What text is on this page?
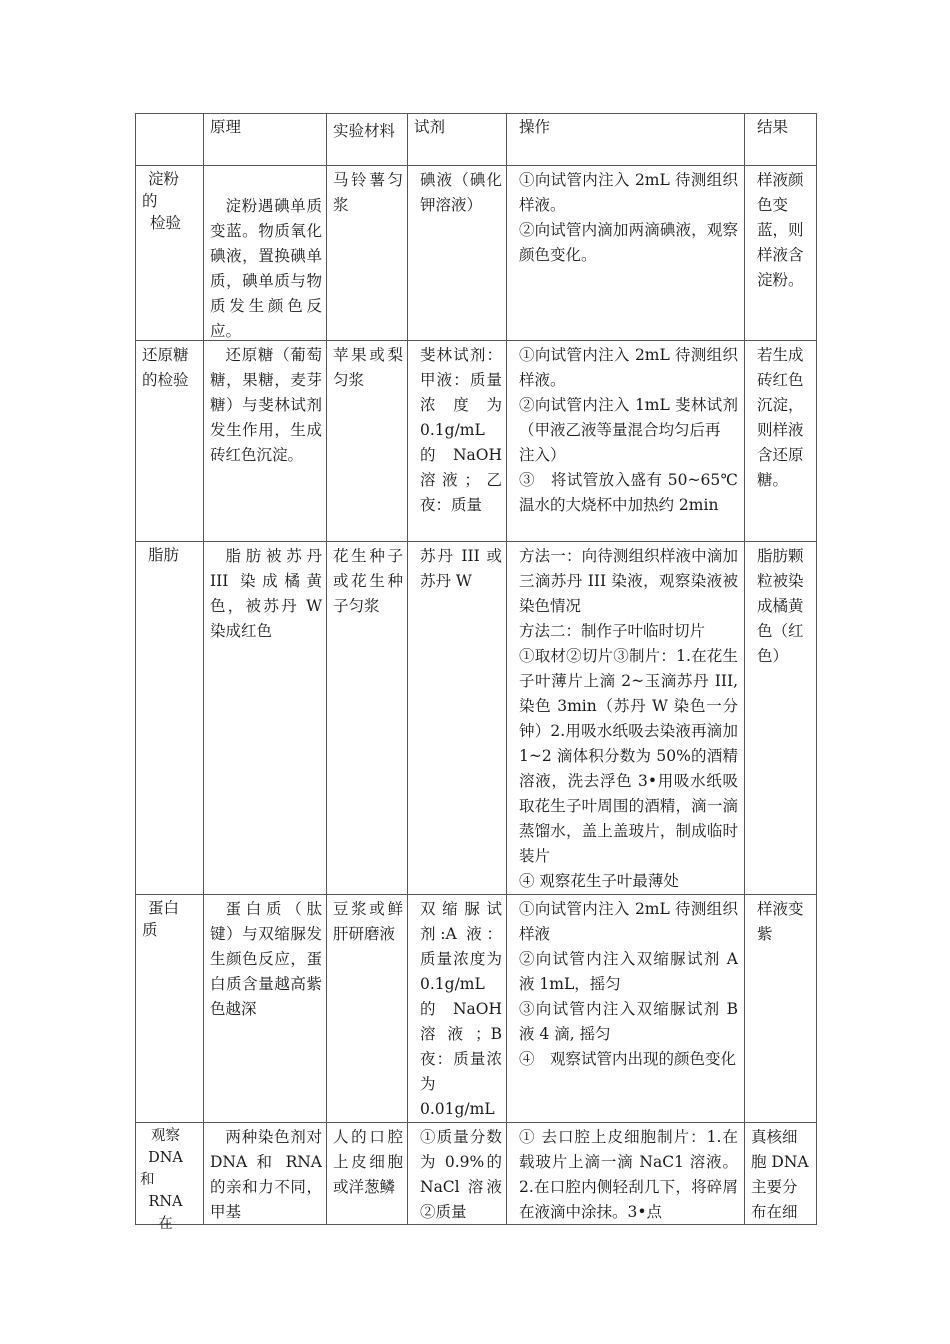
	原理	实验材料	试剂	操作	结果

淀粉
的
检验	淀粉遇碘单质变蓝。物质氧化碘液，置换碘单质，碘单质与物质发生颜色反应。	马铃薯匀浆	碘液（碘化钾溶液）	①向试管内注入 2mL 待测组织样液。
②向试管内滴加两滴碘液，观察颜色变化。	样液颜色变蓝，则样液含淀粉。

还原糖
的检验	还原糖（葡萄糖，果糖，麦芽糖）与斐林试剂发生作用，生成砖红色沉淀。	苹果或梨匀浆	斐林试剂：甲液：质量浓度为0.1g/mL 的 NaOH 溶液；乙夜：质量	①向试管内注入 2mL 待测组织样液。
②向试管内注入 1mL 斐林试剂（甲液乙液等量混合均匀后再
注入）
③　将试管放入盛有 50~65℃ 温水的大烧杯中加热约 2min	若生成砖红色沉淀，则样液含还原糖。

脂肪	脂肪被苏丹 III 染成橘黄色，被苏丹 W 染成红色	花生种子或花生种子匀浆	苏丹 III 或苏丹 W	方法一：向待测组织样液中滴加三滴苏丹 III 染液，观察染液被染色情况
方法二：制作子叶临时切片
①取材②切片③制片：1.在花生子叶薄片上滴 2~玉滴苏丹 III,染色 3min（苏丹 W 染色一分钟）2.用吸水纸吸去染液再滴加 1~2 滴体积分数为 50%的酒精溶液，洗去浮色 3•用吸水纸吸取花生子叶周围的酒精，滴一滴蒸馏水，盖上盖玻片，制成临时装片
④ 观察花生子叶最薄处	脂肪颗粒被染成橘黄色（红色）

蛋白
质	蛋白质（肽键）与双缩脲发生颜色反应，蛋白质含量越高紫色越深	豆浆或鲜肝研磨液	双缩脲试剂:A 液：质量浓度为0.1g/mL 的 NaOH 溶液；B 夜：质量浓为0.01g/mL	①向试管内注入 2mL 待测组织样液
②向试管内注入双缩脲试剂 A 液 1mL，摇匀
③向试管内注入双缩脲试剂 B 液 4 滴, 摇匀
④　观察试管内出现的颜色变化	样液变紫

观察
DNA
和
RNA
在	两种染色剂对 DNA 和 RNA 的亲和力不同，甲基	人的口腔上皮细胞或洋葱鳞	①质量分数为 0.9%的 NaCl 溶液②质量	① 去口腔上皮细胞制片：1.在载玻片上滴一滴 NaC1 溶液。2.在口腔内侧轻刮几下，将碎屑在液滴中涂抹。3•点	真核细胞 DNA 主要分布在细
